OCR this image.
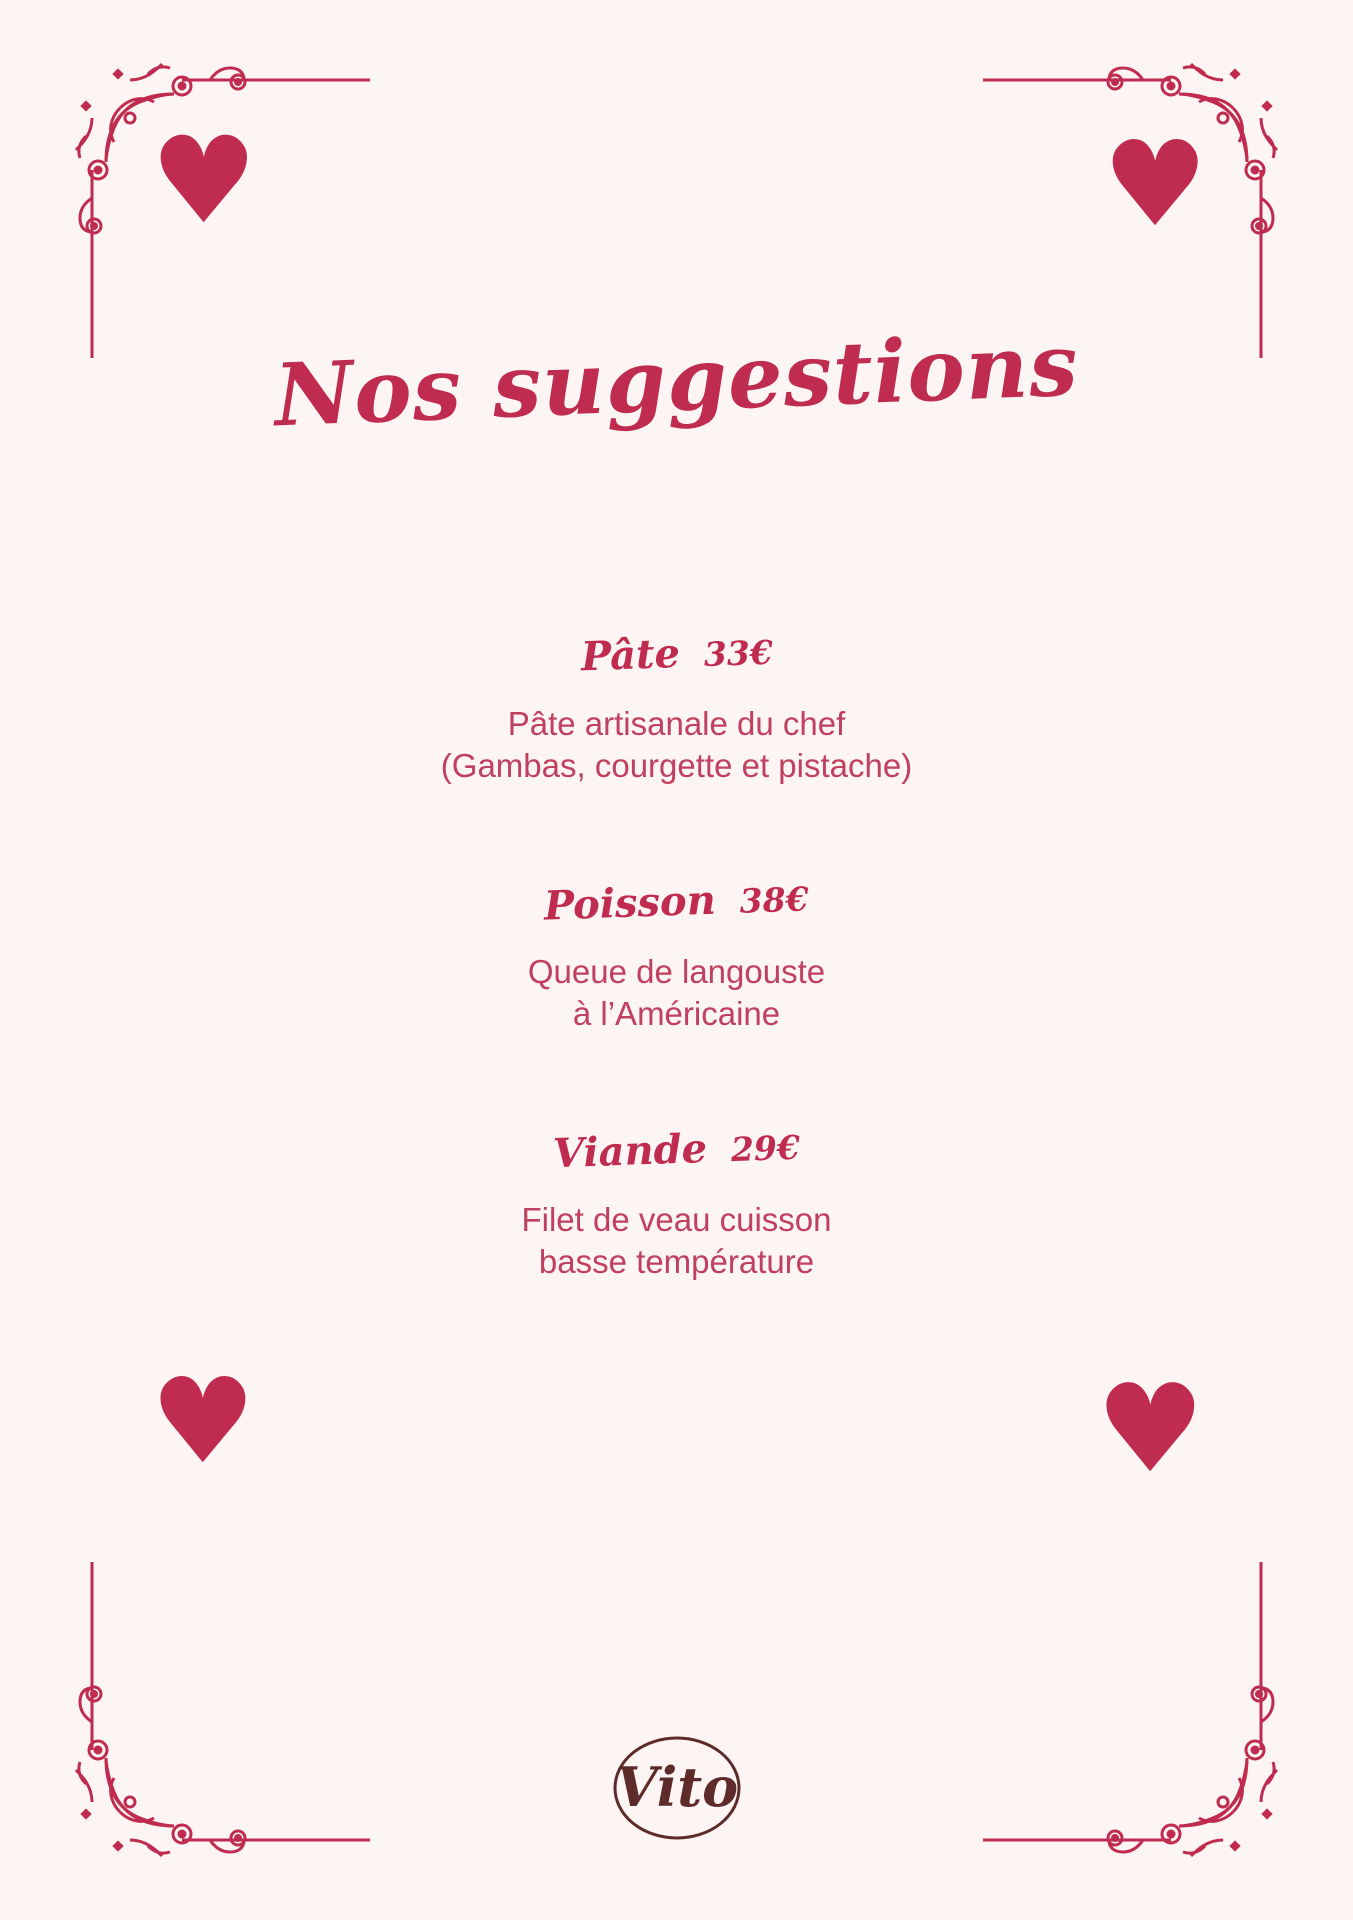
♥	♥
♥	♥
Nos suggestions
Pâte 33€
Pâte artisanale du chef
(Gambas, courgette et pistache)
Poisson 38€
Queue de langouste
à l’Américaine
Viande 29€
Filet de veau cuisson
basse température
Vito
